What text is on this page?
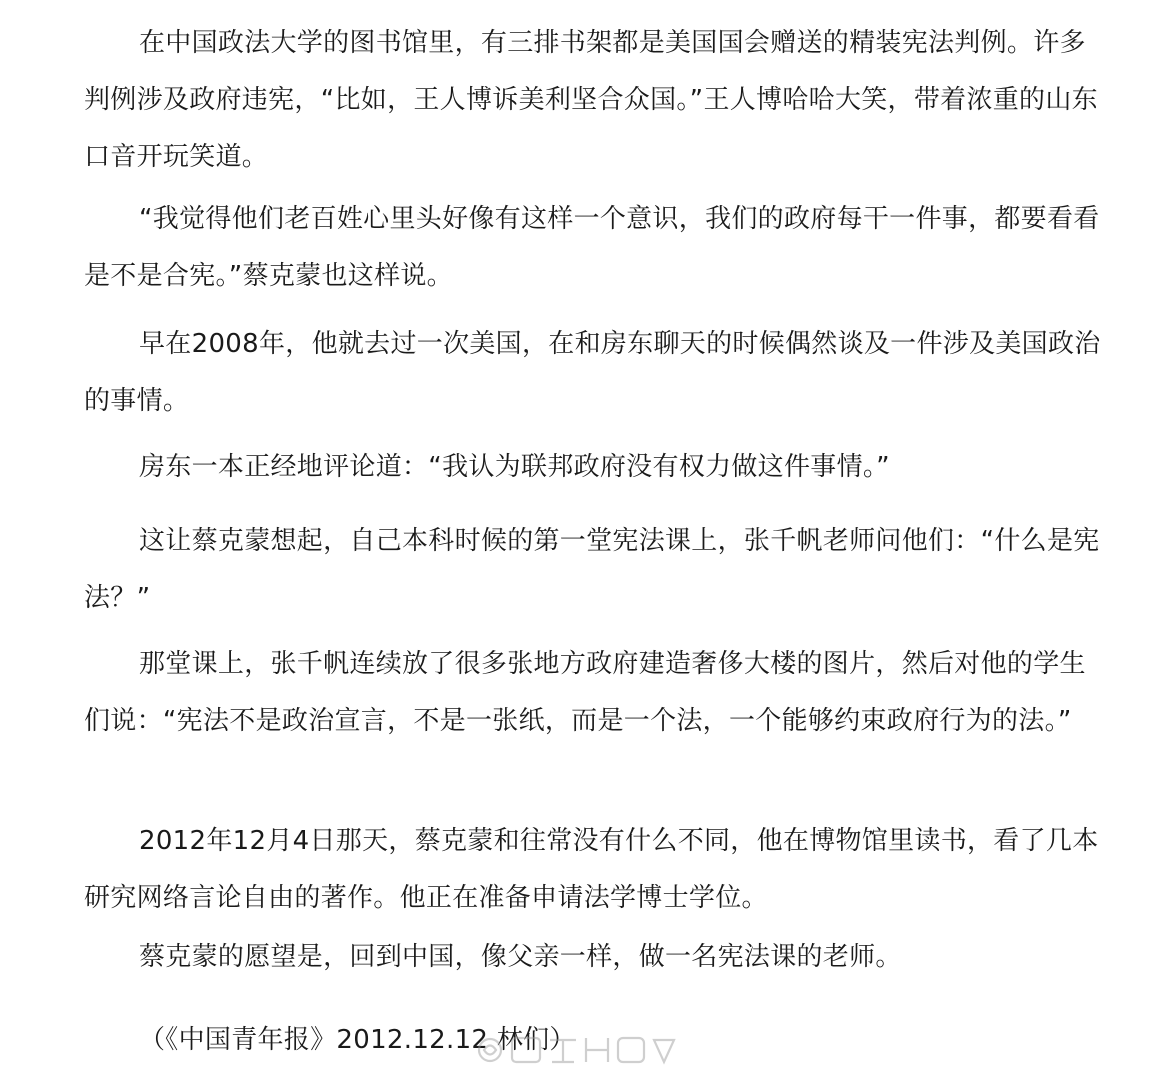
在中国政法大学的图书馆里，有三排书架都是美国国会赠送的精装宪法判例。许多判例涉及政府违宪，“比如，王人博诉美利坚合众国。”王人博哈哈大笑，带着浓重的山东口音开玩笑道。

“我觉得他们老百姓心里头好像有这样一个意识，我们的政府每干一件事，都要看看是不是合宪。”蔡克蒙也这样说。

早在2008年，他就去过一次美国，在和房东聊天的时候偶然谈及一件涉及美国政治的事情。

房东一本正经地评论道：“我认为联邦政府没有权力做这件事情。”

这让蔡克蒙想起，自己本科时候的第一堂宪法课上，张千帆老师问他们：“什么是宪法？”

那堂课上，张千帆连续放了很多张地方政府建造奢侈大楼的图片，然后对他的学生们说：“宪法不是政治宣言，不是一张纸，而是一个法，一个能够约束政府行为的法。”

2012年12月4日那天，蔡克蒙和往常没有什么不同，他在博物馆里读书，看了几本研究网络言论自由的著作。他正在准备申请法学博士学位。

蔡克蒙的愿望是，回到中国，像父亲一样，做一名宪法课的老师。

（《中国青年报》2012.12.12 林们）
